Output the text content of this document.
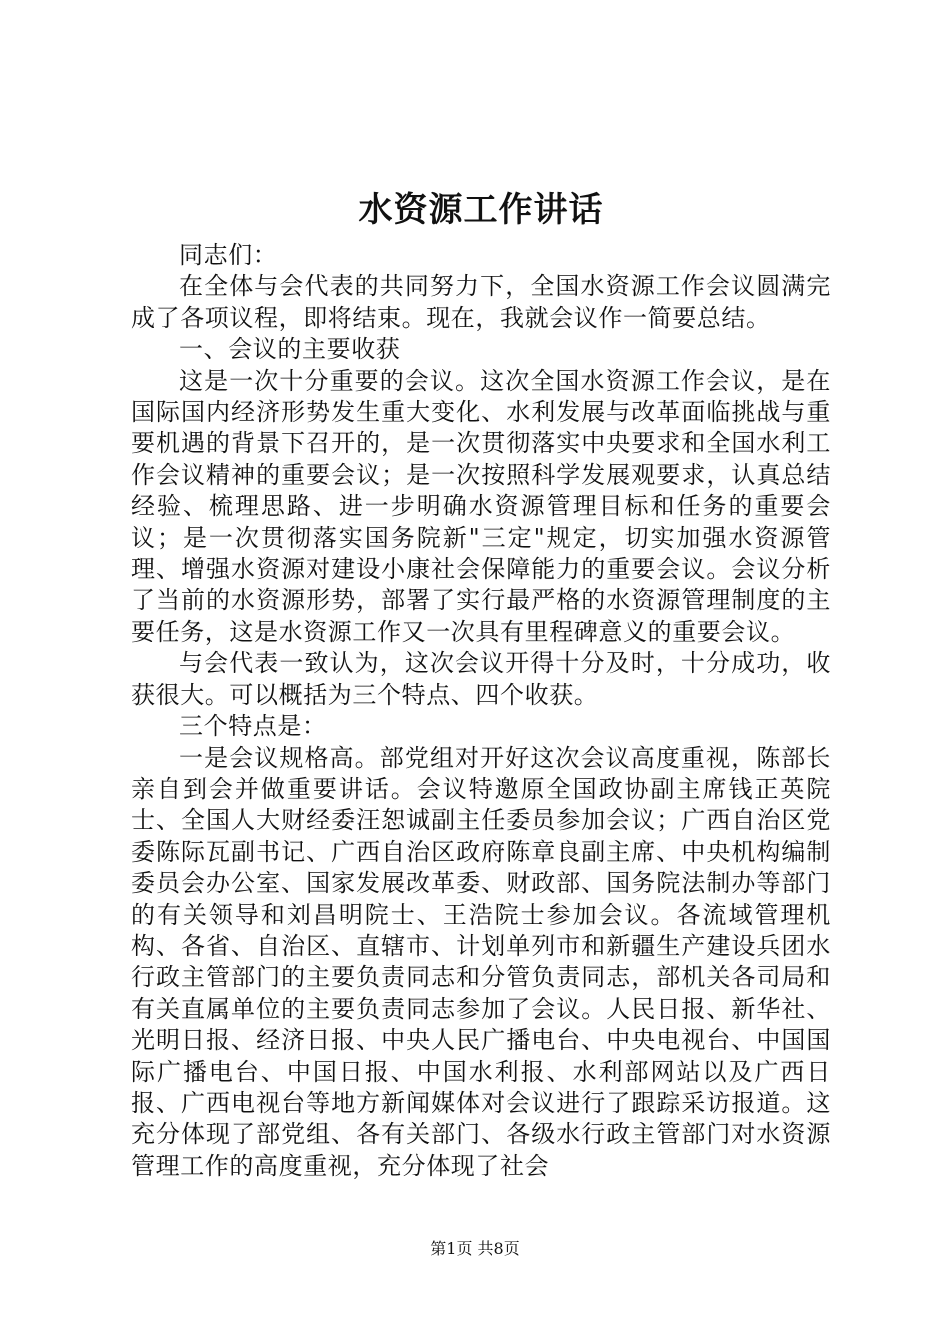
水资源工作讲话

同志们：

在全体与会代表的共同努力下，全国水资源工作会议圆满完成了各项议程，即将结束。现在，我就会议作一简要总结。

一、会议的主要收获

这是一次十分重要的会议。这次全国水资源工作会议，是在国际国内经济形势发生重大变化、水利发展与改革面临挑战与重要机遇的背景下召开的，是一次贯彻落实中央要求和全国水利工作会议精神的重要会议；是一次按照科学发展观要求，认真总结经验、梳理思路、进一步明确水资源管理目标和任务的重要会议；是一次贯彻落实国务院新"三定"规定，切实加强水资源管理、增强水资源对建设小康社会保障能力的重要会议。会议分析了当前的水资源形势，部署了实行最严格的水资源管理制度的主要任务，这是水资源工作又一次具有里程碑意义的重要会议。

与会代表一致认为，这次会议开得十分及时，十分成功，收获很大。可以概括为三个特点、四个收获。

三个特点是：

一是会议规格高。部党组对开好这次会议高度重视，陈部长亲自到会并做重要讲话。会议特邀原全国政协副主席钱正英院士、全国人大财经委汪恕诚副主任委员参加会议；广西自治区党委陈际瓦副书记、广西自治区政府陈章良副主席、中央机构编制委员会办公室、国家发展改革委、财政部、国务院法制办等部门的有关领导和刘昌明院士、王浩院士参加会议。各流域管理机构、各省、自治区、直辖市、计划单列市和新疆生产建设兵团水行政主管部门的主要负责同志和分管负责同志，部机关各司局和有关直属单位的主要负责同志参加了会议。人民日报、新华社、光明日报、经济日报、中央人民广播电台、中央电视台、中国国际广播电台、中国日报、中国水利报、水利部网站以及广西日报、广西电视台等地方新闻媒体对会议进行了跟踪采访报道。这充分体现了部党组、各有关部门、各级水行政主管部门对水资源管理工作的高度重视，充分体现了社会

第1页 共8页
